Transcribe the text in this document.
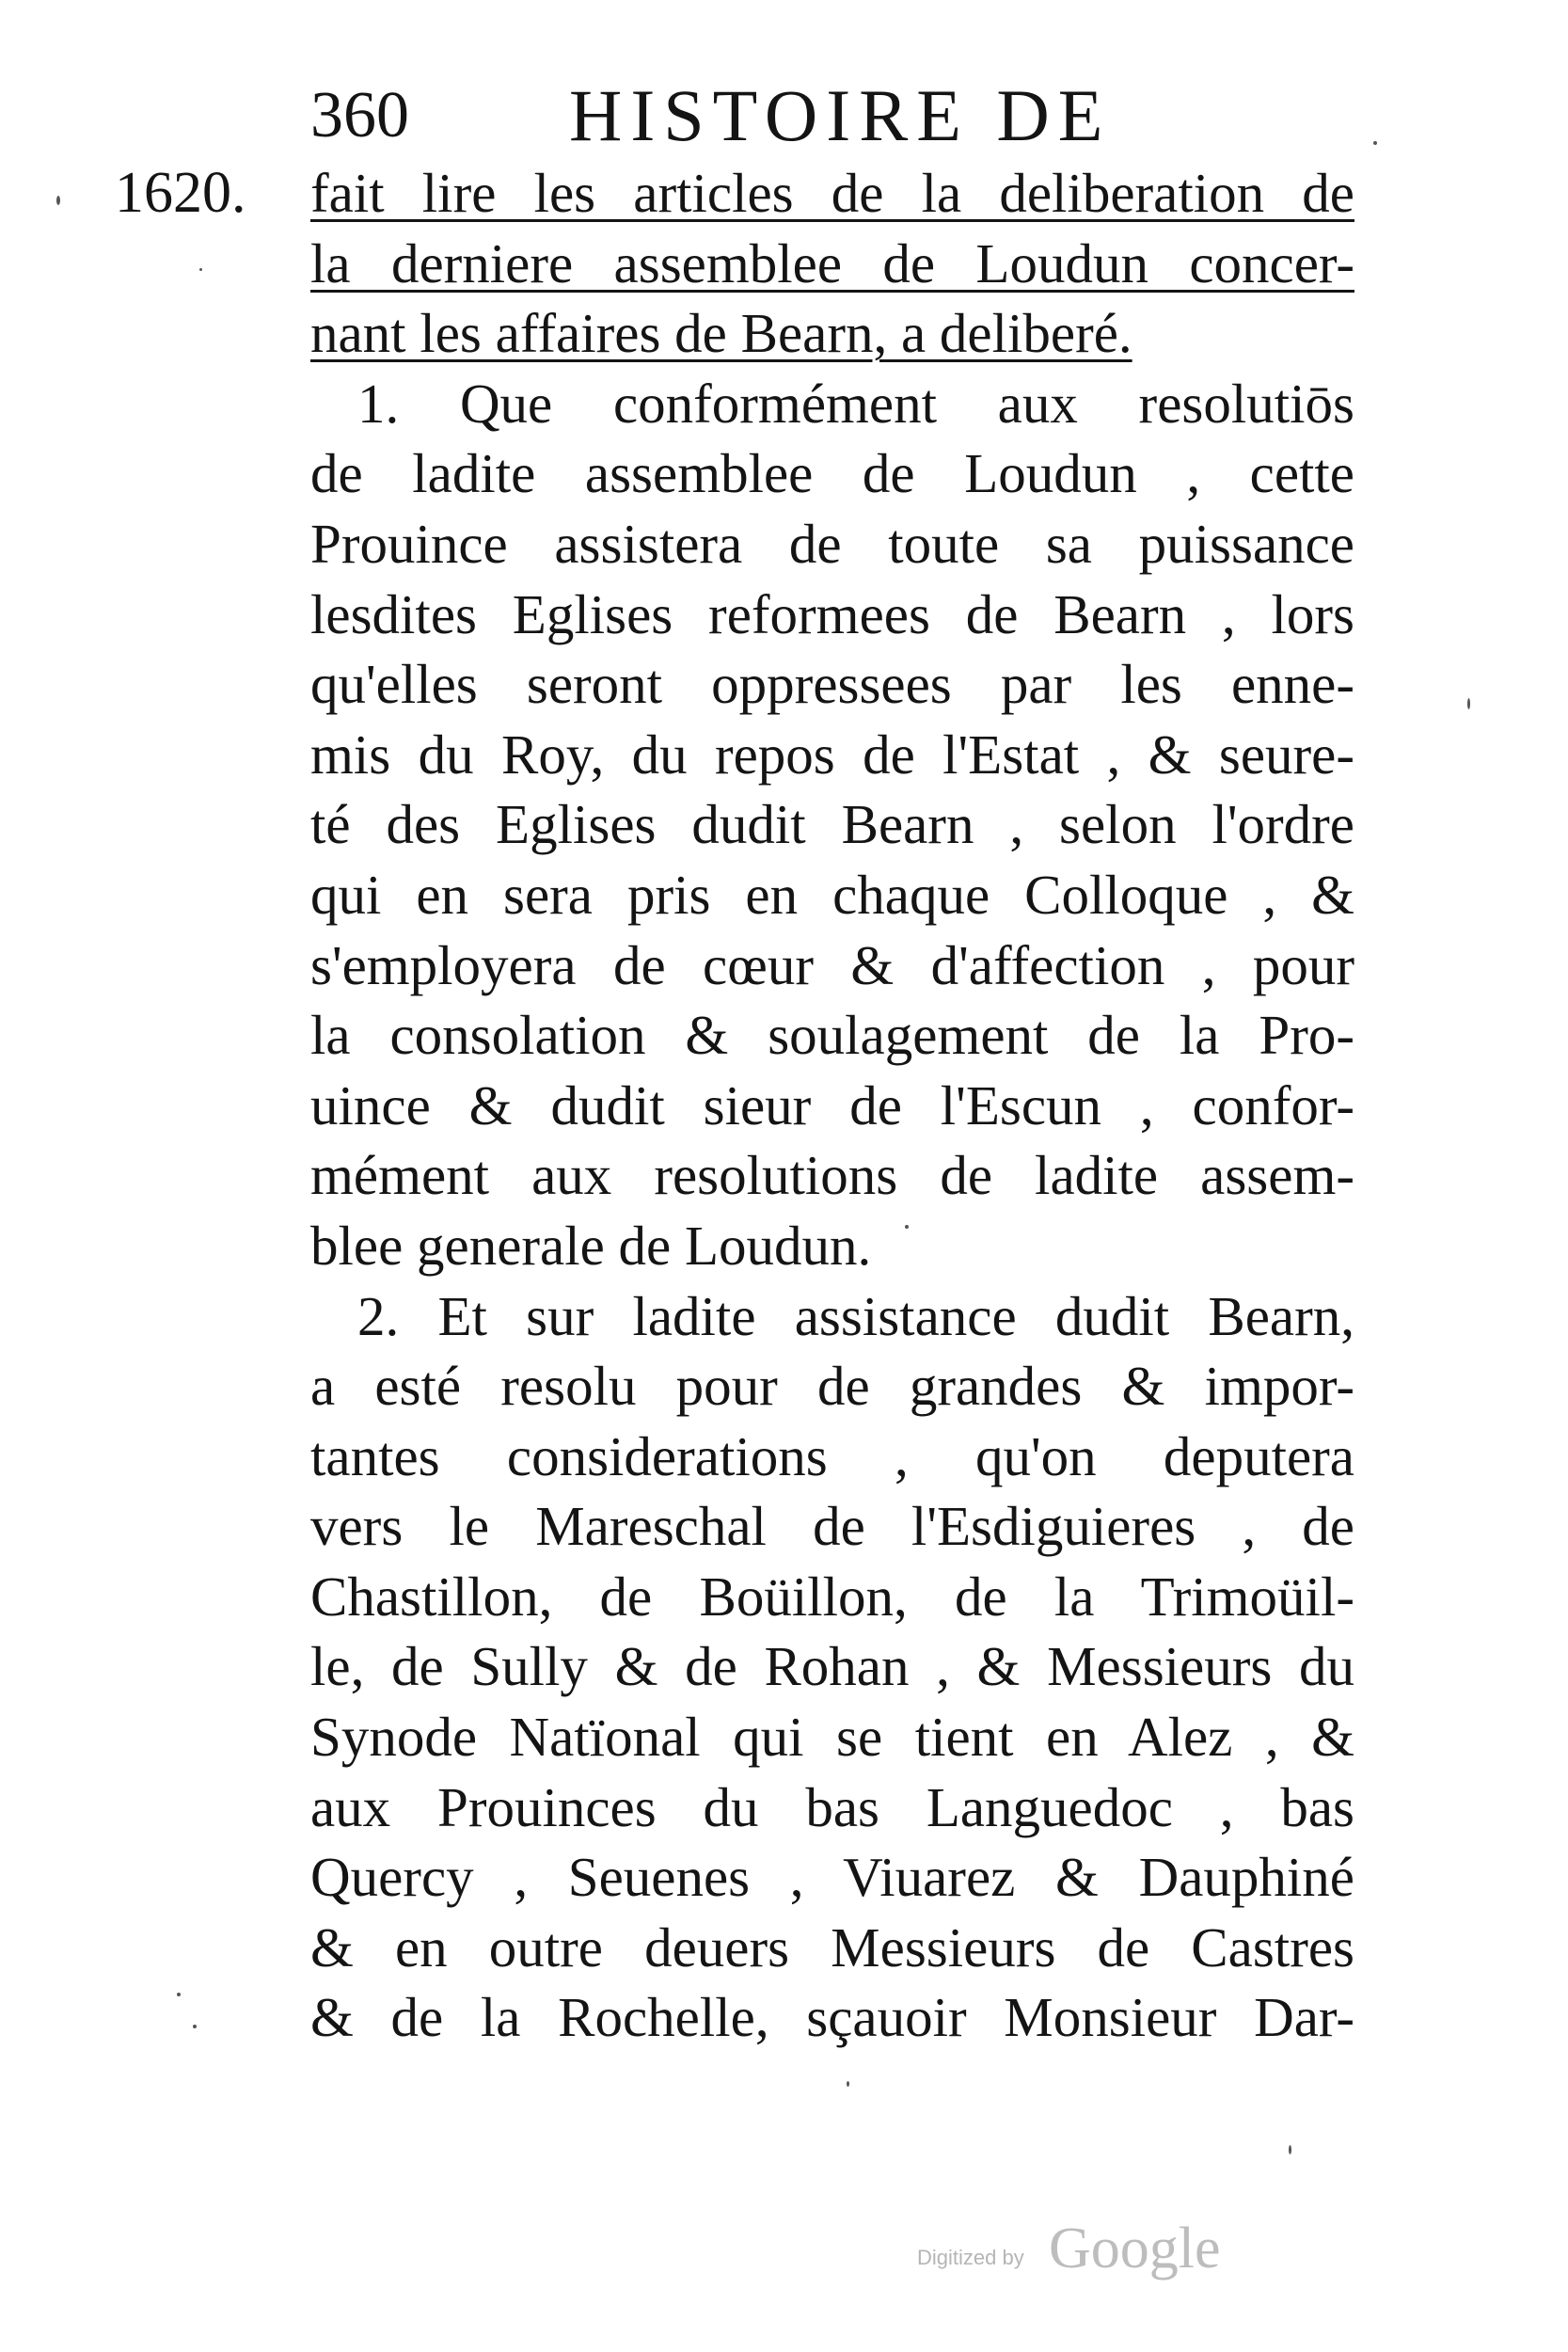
360 HISTOIRE DE
1620. fait lire les articles de la deliberation de
la derniere assemblee de Loudun concer-
nant les affaires de Bearn, a deliberé.
1. Que conformément aux resolutiōs
de ladite assemblee de Loudun , cette
Prouince assistera de toute sa puissance
lesdites Eglises reformees de Bearn , lors
qu'elles seront oppressees par les enne-
mis du Roy, du repos de l'Estat , & seure-
té des Eglises dudit Bearn , selon l'ordre
qui en sera pris en chaque Colloque , &
s'employera de cœur & d'affection , pour
la consolation & soulagement de la Pro-
uince & dudit sieur de l'Escun , confor-
mément aux resolutions de ladite assem-
blee generale de Loudun.
2. Et sur ladite assistance dudit Bearn,
a esté resolu pour de grandes & impor-
tantes considerations , qu'on deputera
vers le Mareschal de l'Esdiguieres , de
Chastillon, de Boüillon, de la Trimoüil-
le, de Sully & de Rohan , & Messieurs du
Synode Natïonal qui se tient en Alez , &
aux Prouinces du bas Languedoc , bas
Quercy , Seuenes , Viuarez & Dauphiné
& en outre deuers Messieurs de Castres
& de la Rochelle, sçauoir Monsieur Dar-
Digitized by Google
